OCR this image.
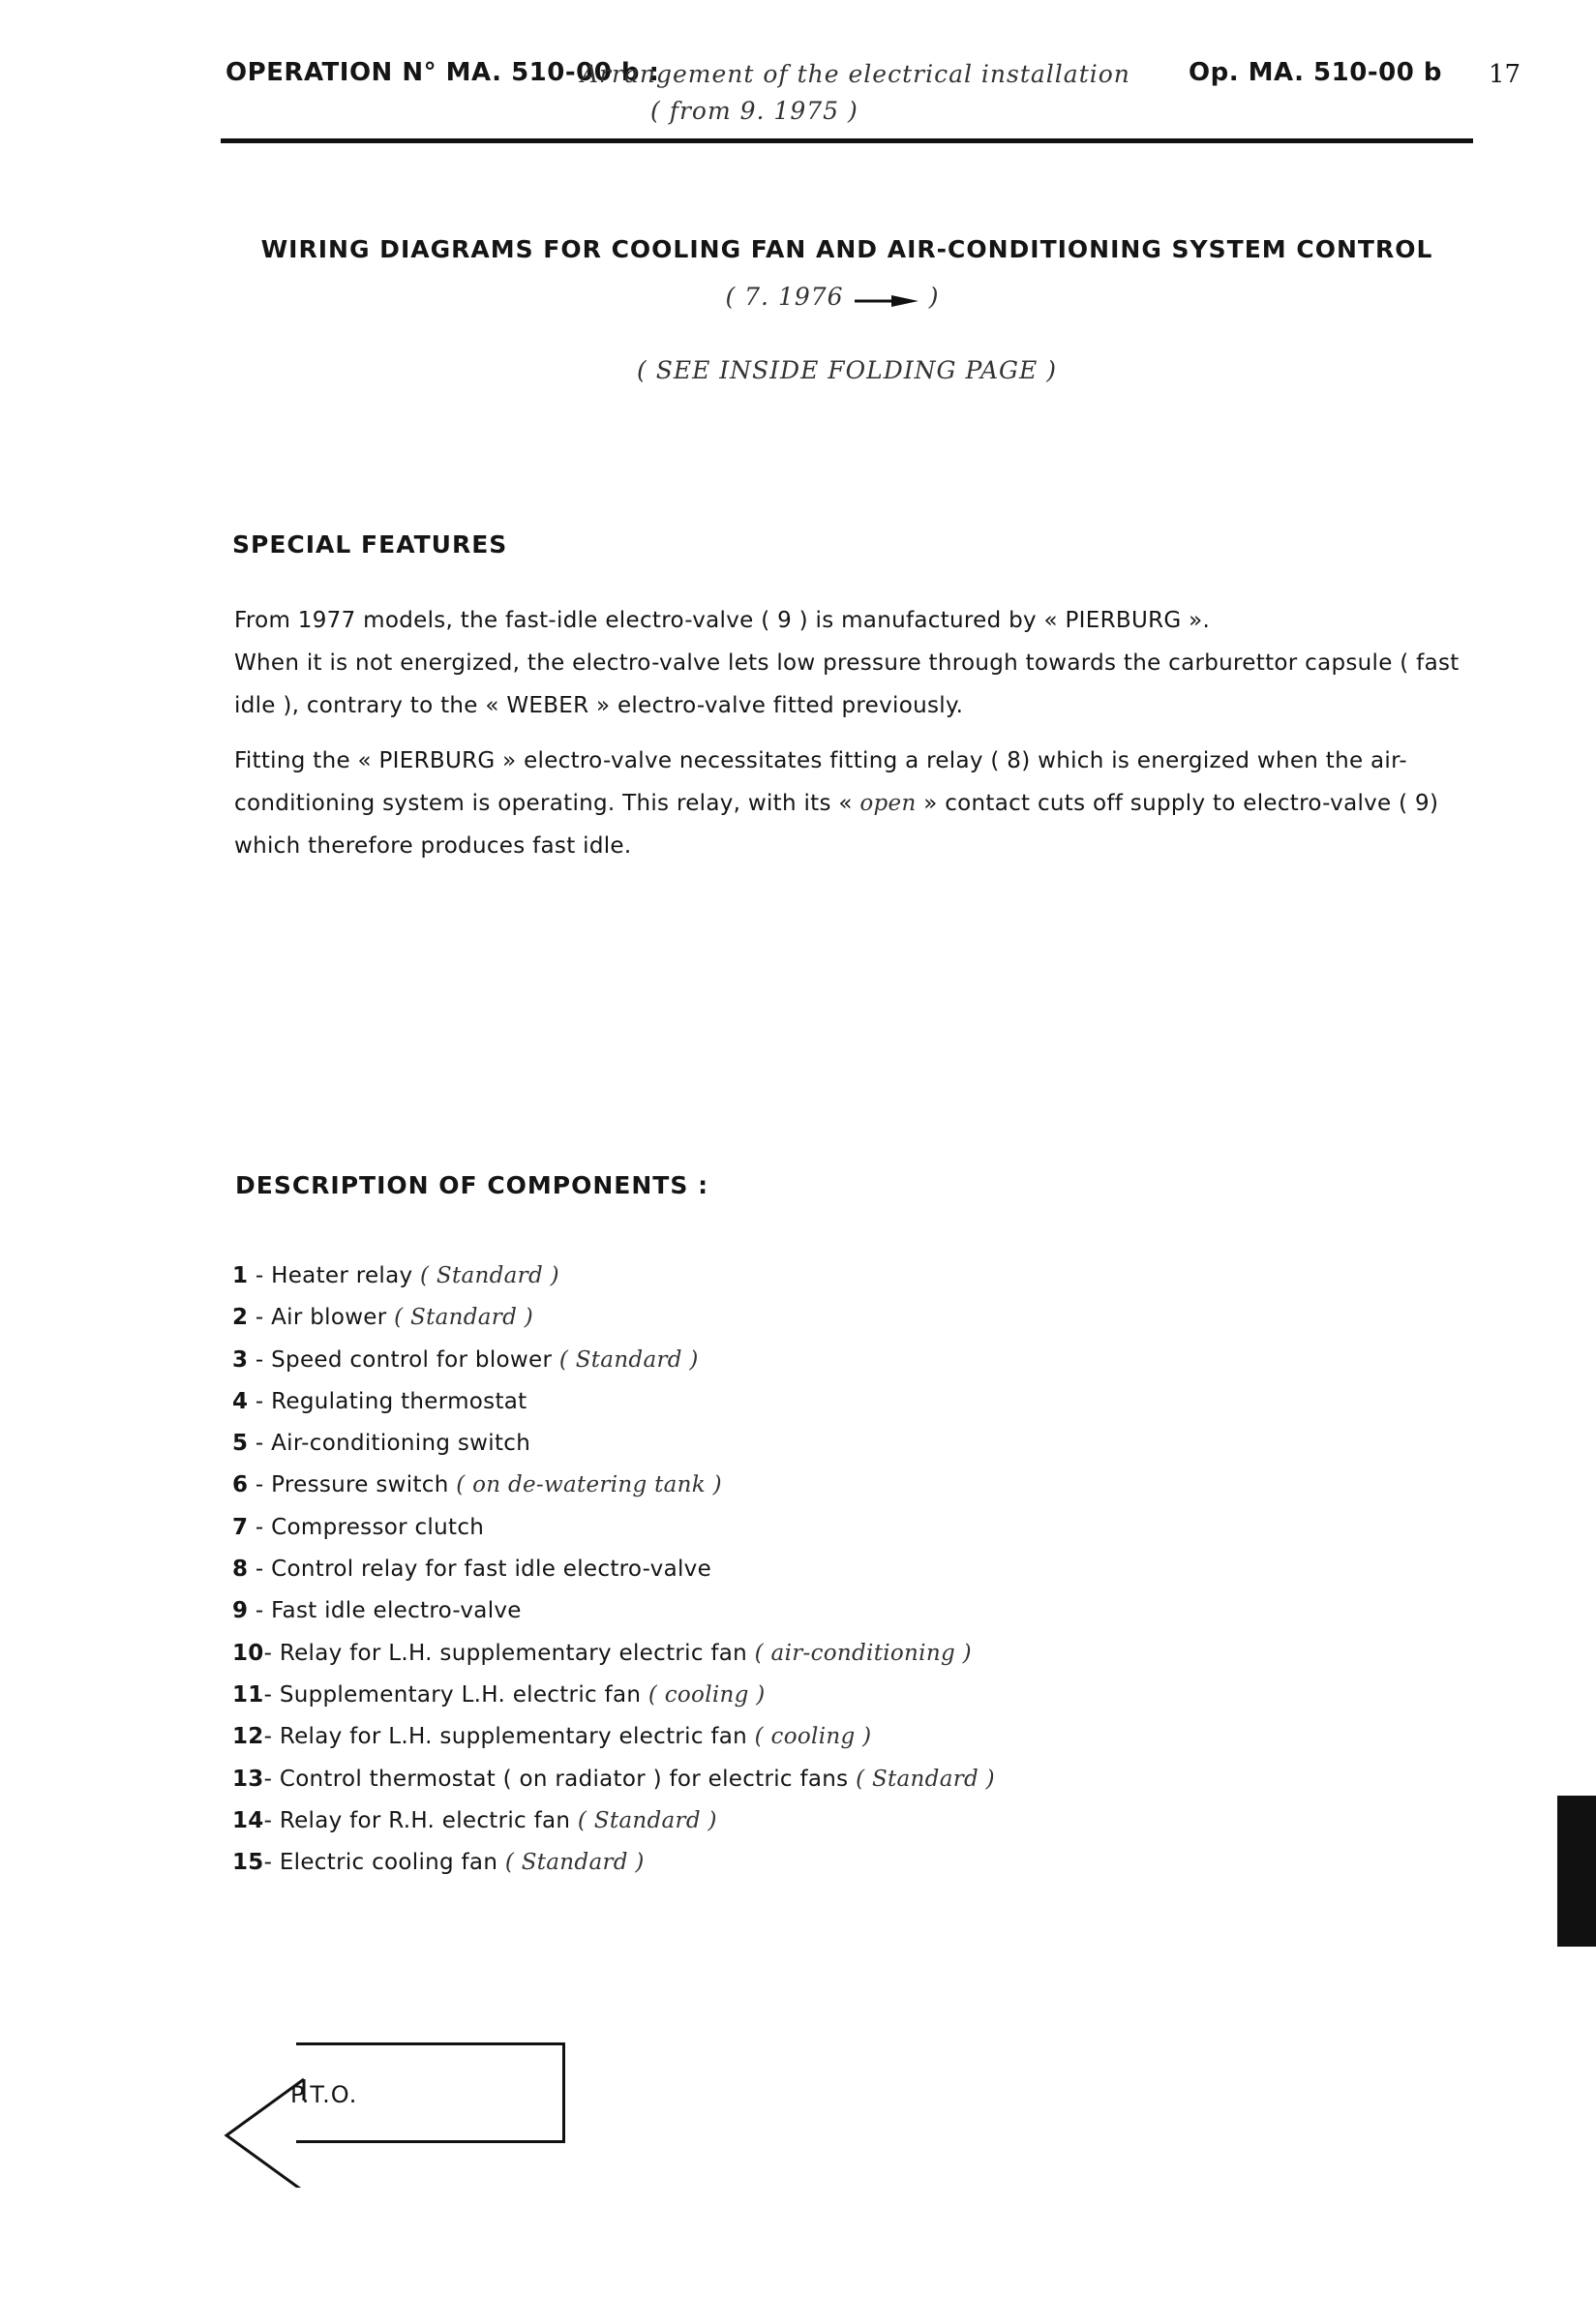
OPERATION N° MA. 510-00 b :
Arrangement of the electrical installation
( from 9. 1975 )
Op. MA. 510-00 b 17
WIRING DIAGRAMS FOR COOLING FAN AND AIR-CONDITIONING SYSTEM CONTROL
( 7. 1976	)
( SEE INSIDE FOLDING PAGE )
SPECIAL FEATURES
From 1977 models, the fast-idle electro-valve ( 9 ) is manufactured by « PIERBURG ».
When it is not energized, the electro-valve lets low pressure through towards the carburettor capsule ( fast idle ), contrary to the « WEBER » electro-valve fitted previously.
Fitting the « PIERBURG » electro-valve necessitates fitting a relay ( 8) which is energized when the air-conditioning system is operating. This relay, with its « open » contact cuts off supply to electro-valve ( 9) which therefore produces fast idle.
DESCRIPTION OF COMPONENTS :
1 - Heater relay ( Standard )
2 - Air blower ( Standard )
3 - Speed control for blower ( Standard )
4 - Regulating thermostat
5 - Air-conditioning switch
6 - Pressure switch ( on de-watering tank )
7 - Compressor clutch
8 - Control relay for fast idle electro-valve
9 - Fast idle electro-valve
10- Relay for L.H. supplementary electric fan ( air-conditioning )
11- Supplementary L.H. electric fan ( cooling )
12- Relay for L.H. supplementary electric fan ( cooling )
13- Control thermostat ( on radiator ) for electric fans ( Standard )
14- Relay for R.H. electric fan ( Standard )
15- Electric cooling fan ( Standard )
P.T.O.
